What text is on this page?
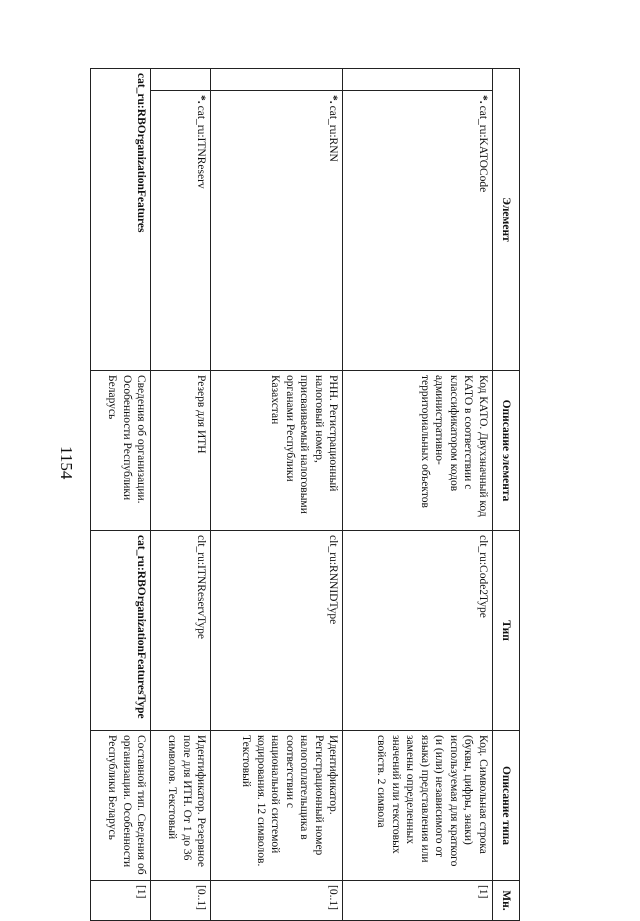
1154
Элемент		Описание элемента	Тип	Описание типа	Мн.
	*.cat_ru:KATOCode	Код КАТО. Двухзначный код КАТО в соответствии с классификатором кодов административно-территориальных объектов	clt_ru:Code2Type	Код. Символьная строка (буквы, цифры, знаки) используемая для краткого (и (или) независимого от языка) представления или замены определенных значений или текстовых свойств. 2 символа	[1]
	*.cat_ru:RNN	РНН. Регистрационный налоговый номер, присваиваемый налоговыми органами Республики Казахстан	clt_ru:RNNIDType	Идентификатор. Регистрационный номер налогоплательщика в соответствии с национальной системой кодирования. 12 символов. Текстовый	[0..1]
	*.cat_ru:ITNReserv	Резерв для ИТН	clt_ru:ITNReservType	Идентификатор. Резервное поле для ИТН. От 1 до 36 символов. Текстовый	[0..1]
cat_ru:RBOrganizationFeatures		Сведения об организации. Особенности Республики Беларусь	cat_ru:RBOrganizationFeaturesType	Составной тип. Сведения об организации. Особенности Республики Беларусь	[1]
